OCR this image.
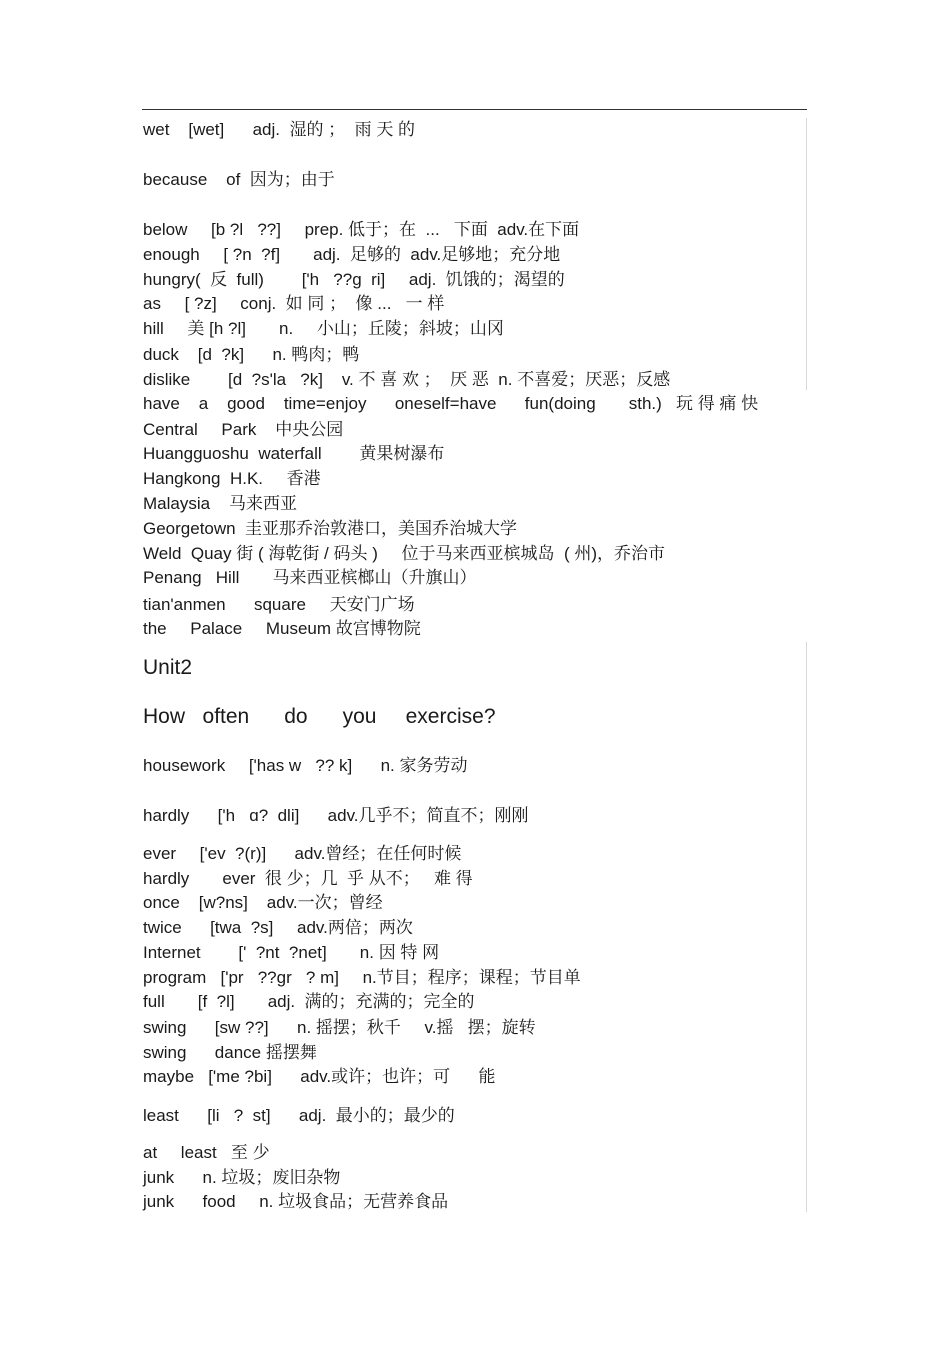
wet    [wet]      adj.  湿的 ；  雨 天 的
because    of  因为；由于
below     [b ?l   ??]     prep. 低于；在  ...   下面  adv.在下面
enough     [ ?n  ?f]       adj.  足够的  adv.足够地；充分地
hungry(  反  full)        ['h   ??g  ri]     adj.  饥饿的；渴望的
as     [ ?z]     conj.  如 同 ；  像 ...   一 样
hill     美 [h ?l]       n.     小山；丘陵；斜坡；山冈
duck    [d  ?k]      n. 鸭肉；鸭
dislike        [d  ?s'la   ?k]    v. 不 喜 欢 ；  厌 恶  n. 不喜爱；厌恶；反感
have    a    good    time=enjoy      oneself=have      fun(doing       sth.)   玩 得 痛 快
Central     Park    中央公园
Huangguoshu  waterfall        黄果树瀑布
Hangkong  H.K.     香港
Malaysia    马来西亚
Georgetown  圭亚那乔治敦港口，美国乔治城大学
Weld  Quay 街 ( 海乾街 / 码头 )     位于马来西亚槟城岛  ( 州)，乔治市
Penang   Hill       马来西亚槟榔山（升旗山）
tian'anmen      square     天安门广场
the     Palace     Museum 故宫博物院
Unit2
How   often      do      you     exercise?
housework     ['has w   ?? k]      n. 家务劳动
hardly      ['h   ɑ?  dli]      adv.几乎不；简直不；刚刚
ever     ['ev  ?(r)]      adv.曾经；在任何时候
hardly       ever  很 少；几  乎 从不；   难 得
once    [w?ns]    adv.一次；曾经
twice      [twa  ?s]     adv.两倍；两次
Internet        ['  ?nt  ?net]       n. 因 特 网
program   ['pr   ??gr   ? m]     n.节目；程序；课程；节目单
full       [f  ?l]       adj.  满的；充满的；完全的
swing      [sw ??]      n. 摇摆；秋千     v.摇   摆；旋转
swing      dance 摇摆舞
maybe   ['me ?bi]      adv.或许；也许；可      能
least      [li   ?  st]      adj.  最小的；最少的
at     least   至 少
junk      n. 垃圾；废旧杂物
junk      food     n. 垃圾食品；无营养食品
